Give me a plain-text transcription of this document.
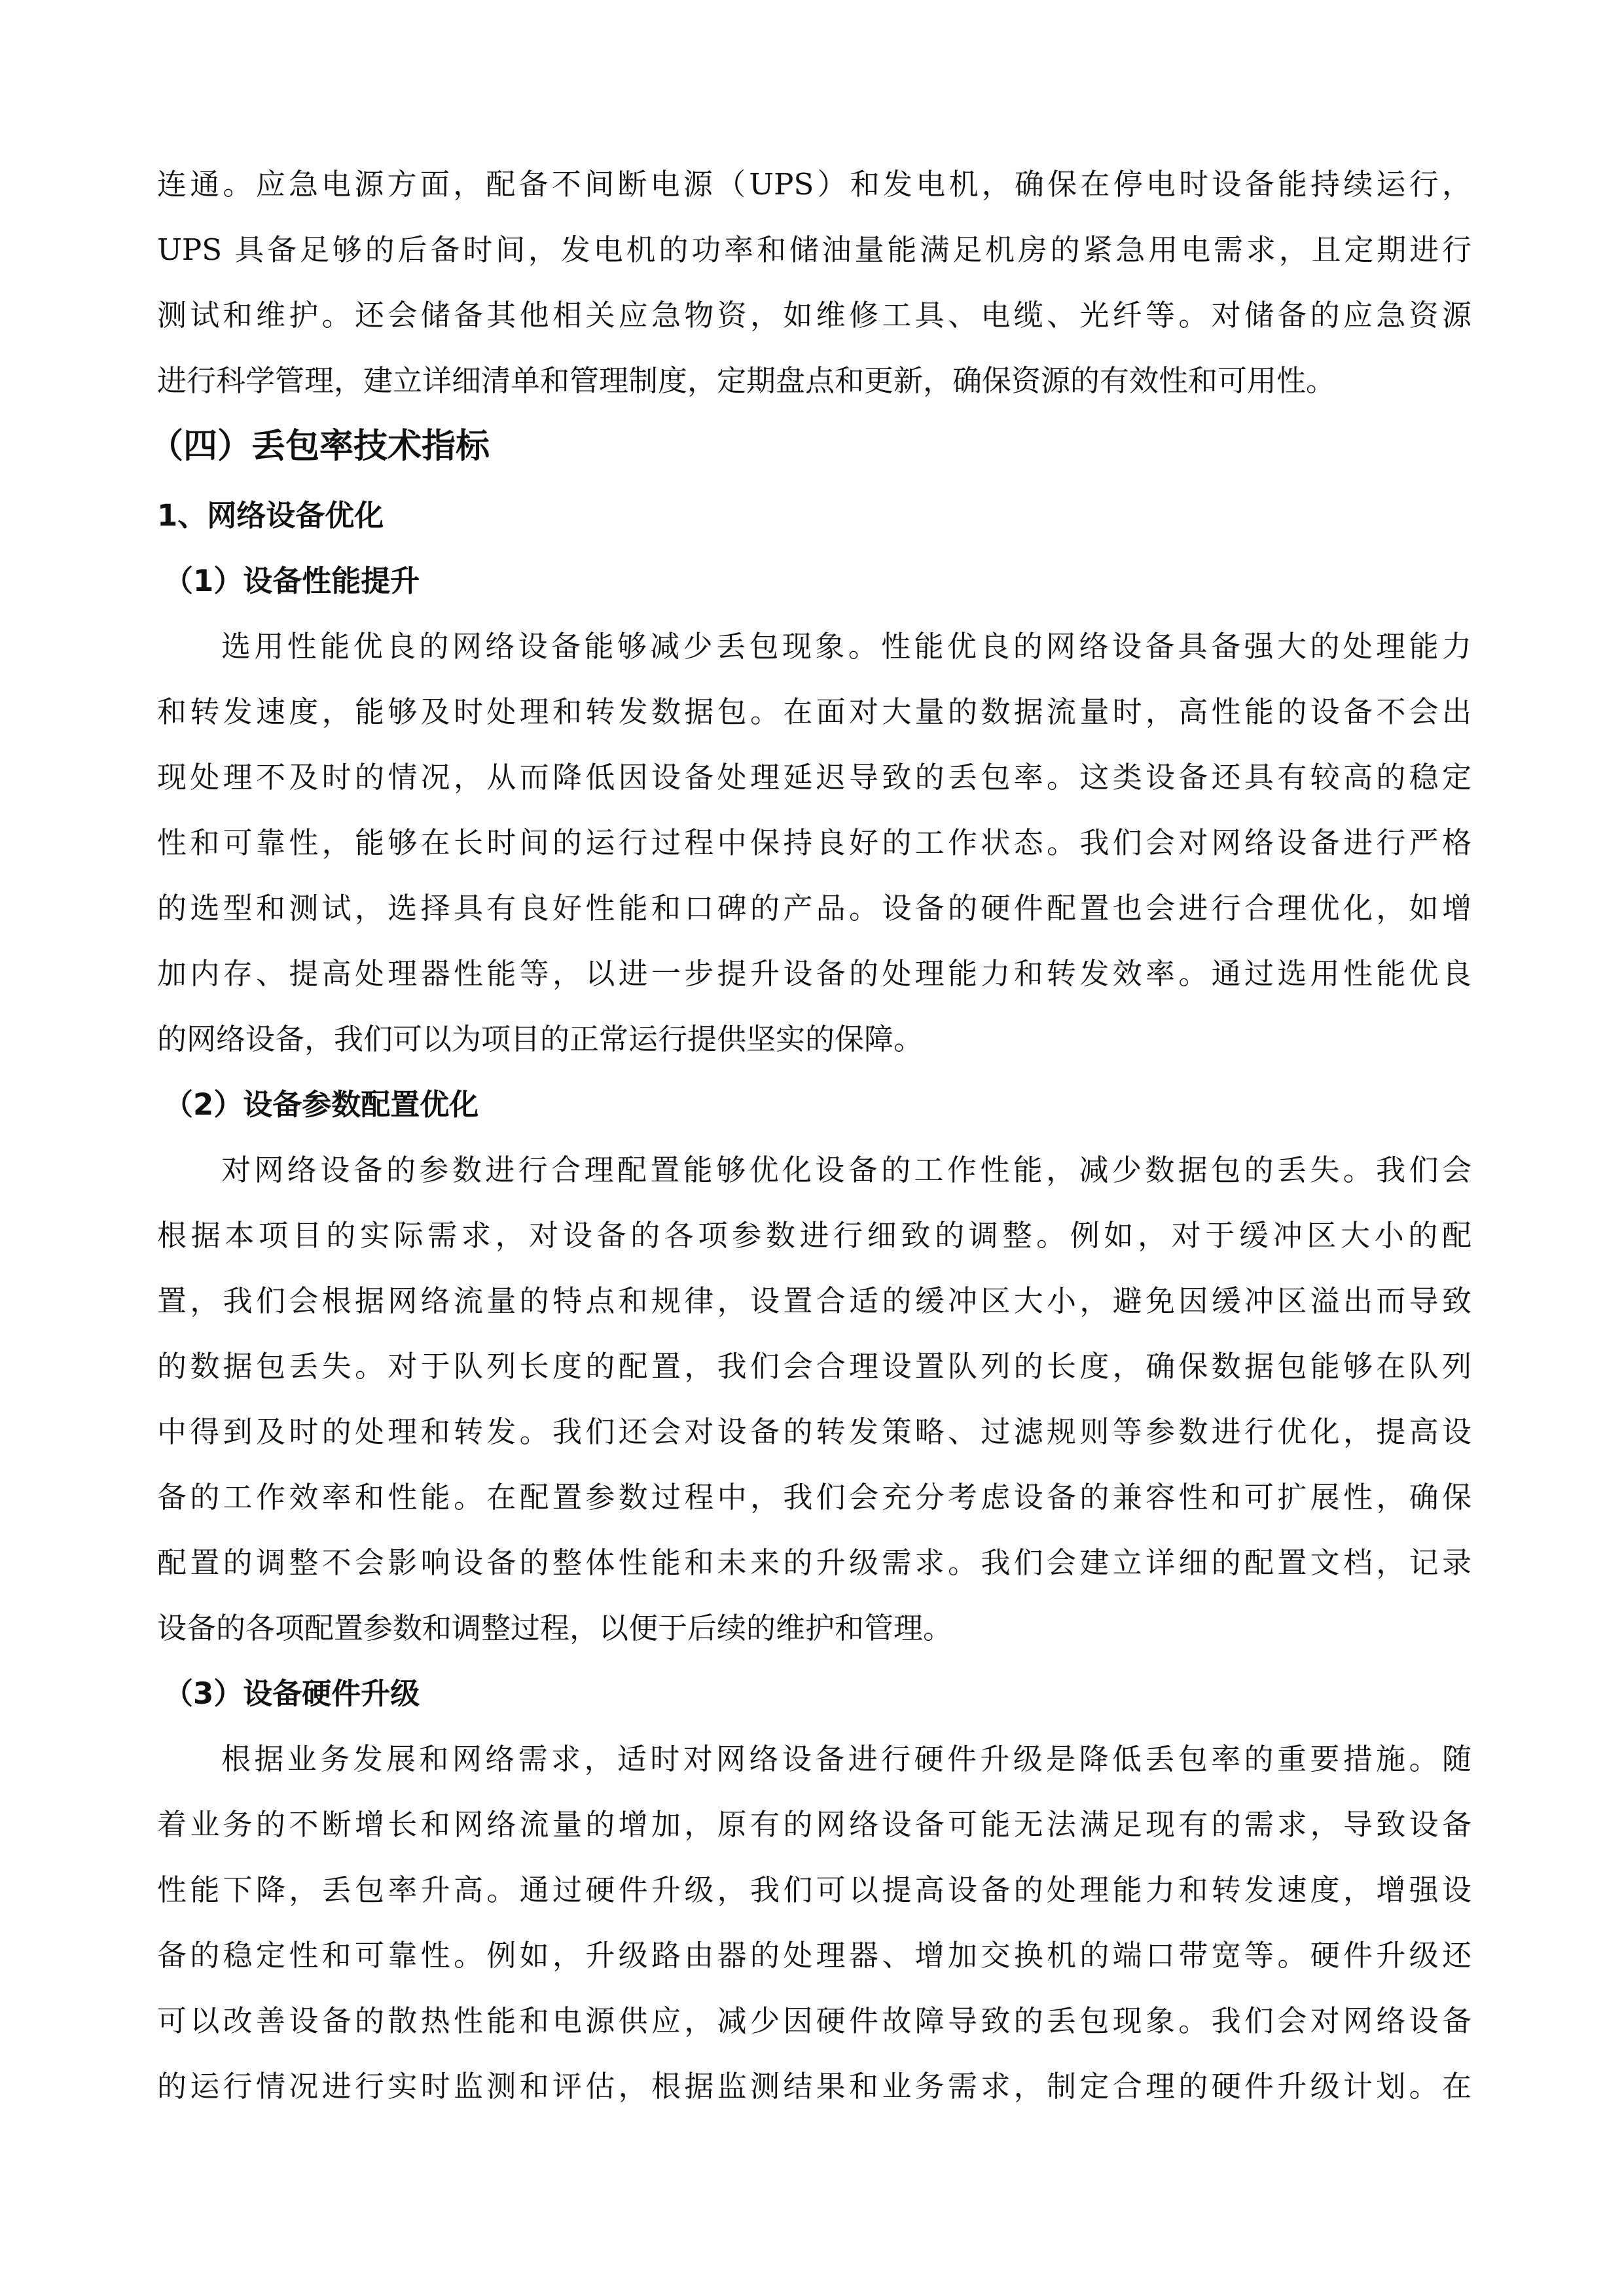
连通。应急电源方面，配备不间断电源（UPS）和发电机，确保在停电时设备能持续运行，
UPS 具备足够的后备时间，发电机的功率和储油量能满足机房的紧急用电需求，且定期进行
测试和维护。还会储备其他相关应急物资，如维修工具、电缆、光纤等。对储备的应急资源
进行科学管理，建立详细清单和管理制度，定期盘点和更新，确保资源的有效性和可用性。
（四）丢包率技术指标
1、网络设备优化
（1）设备性能提升
选用性能优良的网络设备能够减少丢包现象。性能优良的网络设备具备强大的处理能力
和转发速度，能够及时处理和转发数据包。在面对大量的数据流量时，高性能的设备不会出
现处理不及时的情况，从而降低因设备处理延迟导致的丢包率。这类设备还具有较高的稳定
性和可靠性，能够在长时间的运行过程中保持良好的工作状态。我们会对网络设备进行严格
的选型和测试，选择具有良好性能和口碑的产品。设备的硬件配置也会进行合理优化，如增
加内存、提高处理器性能等，以进一步提升设备的处理能力和转发效率。通过选用性能优良
的网络设备，我们可以为项目的正常运行提供坚实的保障。
（2）设备参数配置优化
对网络设备的参数进行合理配置能够优化设备的工作性能，减少数据包的丢失。我们会
根据本项目的实际需求，对设备的各项参数进行细致的调整。例如，对于缓冲区大小的配
置，我们会根据网络流量的特点和规律，设置合适的缓冲区大小，避免因缓冲区溢出而导致
的数据包丢失。对于队列长度的配置，我们会合理设置队列的长度，确保数据包能够在队列
中得到及时的处理和转发。我们还会对设备的转发策略、过滤规则等参数进行优化，提高设
备的工作效率和性能。在配置参数过程中，我们会充分考虑设备的兼容性和可扩展性，确保
配置的调整不会影响设备的整体性能和未来的升级需求。我们会建立详细的配置文档，记录
设备的各项配置参数和调整过程，以便于后续的维护和管理。
（3）设备硬件升级
根据业务发展和网络需求，适时对网络设备进行硬件升级是降低丢包率的重要措施。随
着业务的不断增长和网络流量的增加，原有的网络设备可能无法满足现有的需求，导致设备
性能下降，丢包率升高。通过硬件升级，我们可以提高设备的处理能力和转发速度，增强设
备的稳定性和可靠性。例如，升级路由器的处理器、增加交换机的端口带宽等。硬件升级还
可以改善设备的散热性能和电源供应，减少因硬件故障导致的丢包现象。我们会对网络设备
的运行情况进行实时监测和评估，根据监测结果和业务需求，制定合理的硬件升级计划。在
